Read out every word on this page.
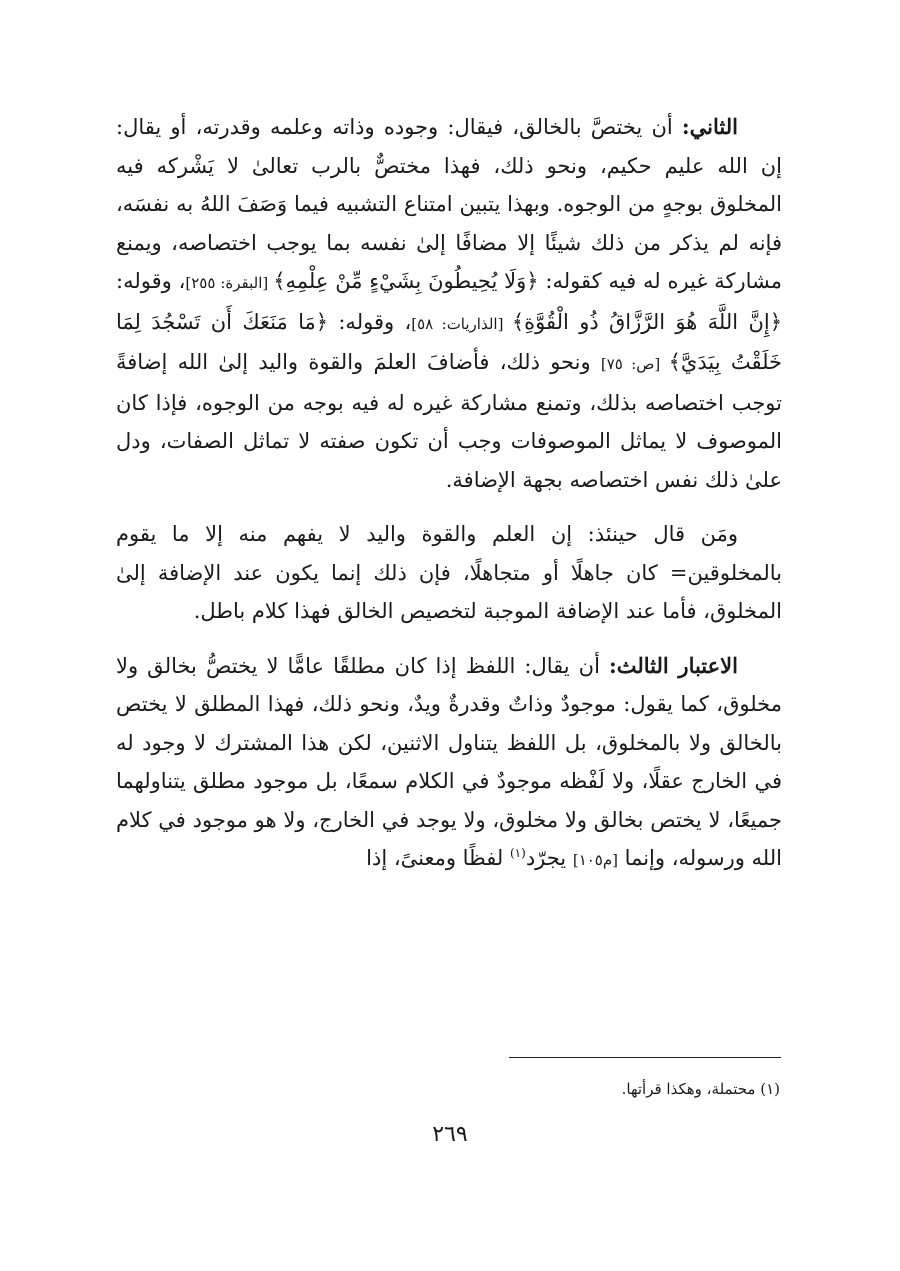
الثاني: أن يختصَّ بالخالق، فيقال: وجوده وذاته وعلمه وقدرته، أو يقال: إن الله عليم حكيم، ونحو ذلك، فهذا مختصٌّ بالرب تعالىٰ لا يَشْركه فيه المخلوق بوجهٍ من الوجوه. وبهذا يتبين امتناع التشبيه فيما وَصَفَ اللهُ به نفسَه، فإنه لم يذكر من ذلك شيئًا إلا مضافًا إلىٰ نفسه بما يوجب اختصاصه، ويمنع مشاركة غيره له فيه كقوله: ﴿وَلَا يُحِيطُونَ بِشَيْءٍ مِّنْ عِلْمِهِ﴾ [البقرة: ٢٥٥]، وقوله: ﴿إِنَّ اللَّهَ هُوَ الرَّزَّاقُ ذُو الْقُوَّةِ﴾ [الذاريات: ٥٨]، وقوله: ﴿مَا مَنَعَكَ أَن تَسْجُدَ لِمَا خَلَقْتُ بِيَدَيَّ﴾ [ص: ٧٥] ونحو ذلك، فأضافَ العلمَ والقوة واليد إلىٰ الله إضافةً توجب اختصاصه بذلك، وتمنع مشاركة غيره له فيه بوجه من الوجوه، فإذا كان الموصوف لا يماثل الموصوفات وجب أن تكون صفته لا تماثل الصفات، ودل علىٰ ذلك نفس اختصاصه بجهة الإضافة.

ومَن قال حينئذ: إن العلم والقوة واليد لا يفهم منه إلا ما يقوم بالمخلوقين= كان جاهلًا أو متجاهلًا، فإن ذلك إنما يكون عند الإضافة إلىٰ المخلوق، فأما عند الإضافة الموجبة لتخصيص الخالق فهذا كلام باطل.

الاعتبار الثالث: أن يقال: اللفظ إذا كان مطلقًا عامًّا لا يختصُّ بخالق ولا مخلوق، كما يقول: موجودٌ وذاتٌ وقدرةٌ ويدٌ، ونحو ذلك، فهذا المطلق لا يختص بالخالق ولا بالمخلوق، بل اللفظ يتناول الاثنين، لكن هذا المشترك لا وجود له في الخارج عقلًا، ولا لَفْظه موجودٌ في الكلام سمعًا، بل موجود مطلق يتناولهما جميعًا، لا يختص بخالق ولا مخلوق، ولا يوجد في الخارج، ولا هو موجود في كلام الله ورسوله، وإنما [م١٠٥] يجرّد$^{(١)}$ لفظًا ومعنىً، إذا

(١) محتملة، وهكذا قرأتها.
٢٦٩
